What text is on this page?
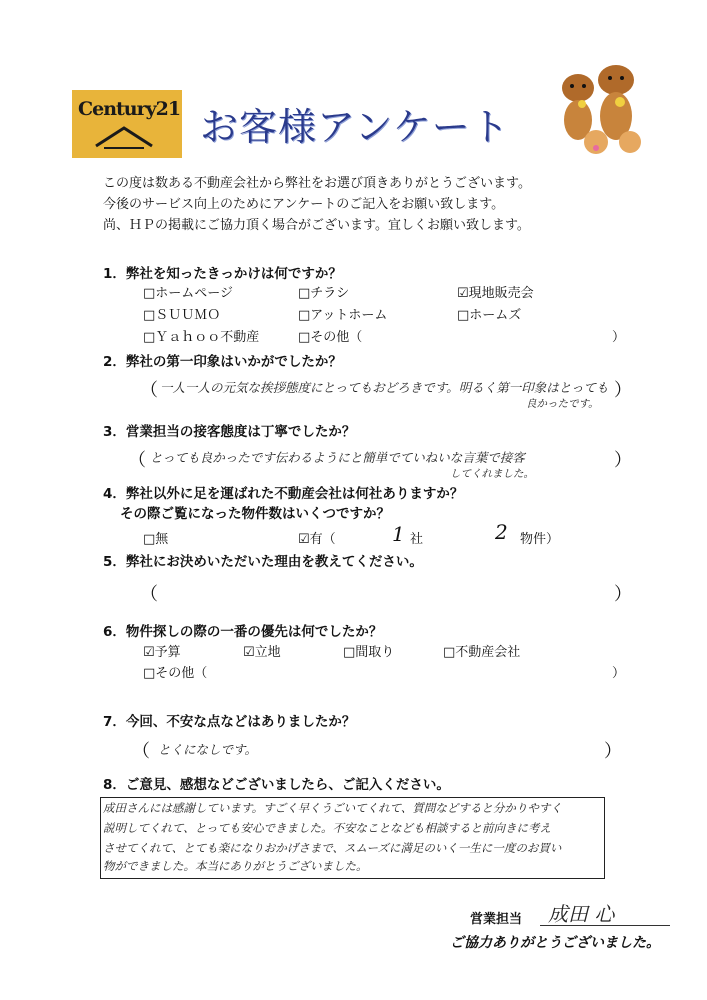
Century21 お客様アンケート
この度は数ある不動産会社から弊社をお選び頂きありがとうございます。
今後のサービス向上のためにアンケートのご記入をお願い致します。
尚、ＨＰの掲載にご協力頂く場合がございます。宜しくお願い致します。
1．弊社を知ったきっかけは何ですか？
□ホームページ	□チラシ	☑現地販売会
□ＳＵＵＭＯ	□アットホーム	□ホームズ
□Ｙａｈｏｏ不動産	□その他（	）
2．弊社の第一印象はいかがでしたか？
（ 一人一人の元気な挨拶態度にとってもおどろきです。明るく第一印象はとっても
良かったです。
）
3．営業担当の接客態度は丁寧でしたか？
（ とっても良かったです伝わるようにと簡単でていねいな言葉で接客
してくれました。
）
4．弊社以外に足を運ばれた不動産会社は何社ありますか？
その際ご覧になった物件数はいくつですか？
□無	☑有（	1 社	2 物件）
5．弊社にお決めいただいた理由を教えてください。
（	）
6．物件探しの際の一番の優先は何でしたか？
☑予算	☑立地	□間取り	□不動産会社
□その他（	）
7．今回、不安な点などはありましたか？
（ とくになしです。	）
8．ご意見、感想などございましたら、ご記入ください。
成田さんには感謝しています。すごく早くうごいてくれて、質問などすると分かりやすく
説明してくれて、とっても安心できました。不安なことなども相談すると前向きに考え
させてくれて、とても楽になりおかげさまで、スムーズに満足のいく一生に一度のお買い
物ができました。本当にありがとうございました。
営業担当 成田 心
ご協力ありがとうございました。
